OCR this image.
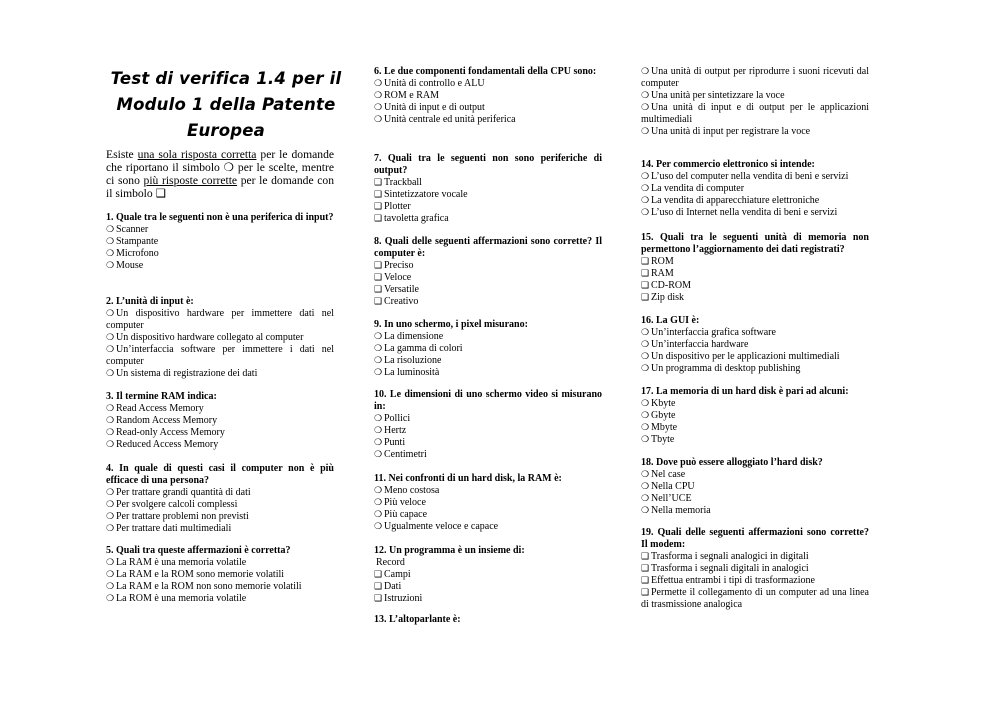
Test di verifica 1.4 per il
Modulo 1 della Patente
Europea
Esiste una sola risposta corretta per le domande che riportano il simbolo ❍ per le scelte, mentre ci sono più risposte corrette per le domande con il simbolo ❑
1. Quale tra le seguenti non è una periferica di input?
❍ Scanner
❍ Stampante
❍ Microfono
❍ Mouse
2. L’unità di input è:
❍ Un dispositivo hardware per immettere dati nel computer
❍ Un dispositivo hardware collegato al computer
❍ Un’interfaccia software per immettere i dati nel computer
❍ Un sistema di registrazione dei dati
3. Il termine RAM indica:
❍ Read Access Memory
❍ Random Access Memory
❍ Read-only Access Memory
❍ Reduced Access Memory
4. In quale di questi casi il computer non è più efficace di una persona?
❍ Per trattare grandi quantità di dati
❍ Per svolgere calcoli complessi
❍ Per trattare problemi non previsti
❍ Per trattare dati multimediali
5. Quali tra queste affermazioni è corretta?
❍ La RAM è una memoria volatile
❍ La RAM e la ROM sono memorie volatili
❍ La RAM e la ROM non sono memorie volatili
❍ La ROM è una memoria volatile
6. Le due componenti fondamentali della CPU sono:
❍ Unità di controllo e ALU
❍ ROM e RAM
❍ Unità di input e di output
❍ Unità centrale ed unità periferica
7. Quali tra le seguenti non sono periferiche di output?
❑ Trackball
❑ Sintetizzatore vocale
❑ Plotter
❑ tavoletta grafica
8. Quali delle seguenti affermazioni sono corrette? Il computer è:
❑ Preciso
❑ Veloce
❑ Versatile
❑ Creativo
9. In uno schermo, i pixel misurano:
❍ La dimensione
❍ La gamma di colori
❍ La risoluzione
❍ La luminosità
10. Le dimensioni di uno schermo video si misurano in:
❍ Pollici
❍ Hertz
❍ Punti
❍ Centimetri
11. Nei confronti di un hard disk, la RAM è:
❍ Meno costosa
❍ Più veloce
❍ Più capace
❍ Ugualmente veloce e capace
12. Un programma è un insieme di:
Record
❑ Campi
❑ Dati
❑ Istruzioni
13. L’altoparlante è:
❍ Una unità di output per riprodurre i suoni ricevuti dal computer
❍ Una unità per sintetizzare la voce
❍ Una unità di input e di output per le applicazioni multimediali
❍ Una unità di input per registrare la voce
14. Per commercio elettronico si intende:
❍ L’uso del computer nella vendita di beni e servizi
❍ La vendita di computer
❍ La vendita di apparecchiature elettroniche
❍ L’uso di Internet nella vendita di beni e servizi
15. Quali tra le seguenti unità di memoria non permettono l’aggiornamento dei dati registrati?
❑ ROM
❑ RAM
❑ CD-ROM
❑ Zip disk
16. La GUI è:
❍ Un’interfaccia grafica software
❍ Un’interfaccia hardware
❍ Un dispositivo per le applicazioni multimediali
❍ Un programma di desktop publishing
17. La memoria di un hard disk è pari ad alcuni:
❍ Kbyte
❍ Gbyte
❍ Mbyte
❍ Tbyte
18. Dove può essere alloggiato l’hard disk?
❍ Nel case
❍ Nella CPU
❍ Nell’UCE
❍ Nella memoria
19. Quali delle seguenti affermazioni sono corrette? Il modem:
❑ Trasforma i segnali analogici in digitali
❑ Trasforma i segnali digitali in analogici
❑ Effettua entrambi i tipi di trasformazione
❑ Permette il collegamento di un computer ad una linea di trasmissione analogica
